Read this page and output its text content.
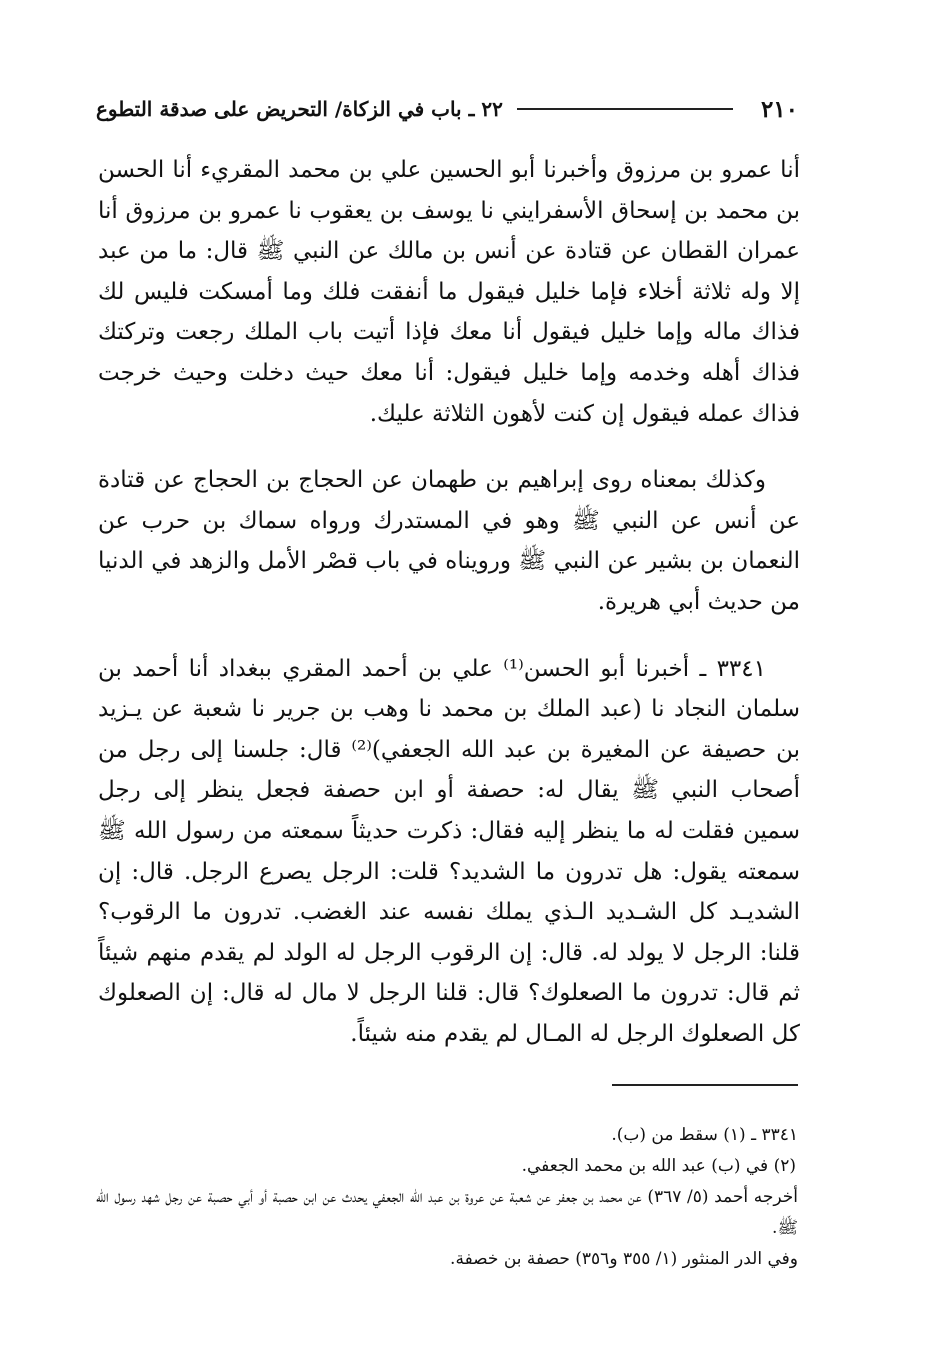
٢١٠
٢٢ ـ باب في الزكاة/ التحريض على صدقة التطوع

أنا عمرو بن مرزوق وأخبرنا أبو الحسين علي بن محمد المقريء أنا الحسن بن محمد بن إسحاق الأسفرايني نا يوسف بن يعقوب نا عمرو بن مرزوق أنا عمران القطان عن قتادة عن أنس بن مالك عن النبي ﷺ قال: ما من عبد إلا وله ثلاثة أخلاء فإما خليل فيقول ما أنفقت فلك وما أمسكت فليس لك فذاك ماله وإما خليل فيقول أنا معك فإذا أتيت باب الملك رجعت وتركتك فذاك أهله وخدمه وإما خليل فيقول: أنا معك حيث دخلت وحيث خرجت فذاك عمله فيقول إن كنت لأهون الثلاثة عليك.

وكذلك بمعناه روى إبراهيم بن طهمان عن الحجاج بن الحجاج عن قتادة عن أنس عن النبي ﷺ وهو في المستدرك ورواه سماك بن حرب عن النعمان بن بشير عن النبي ﷺ ورويناه في باب قصْر الأمل والزهد في الدنيا من حديث أبي هريرة.

٣٣٤١ ـ أخبرنا أبو الحسن⁽¹⁾ علي بن أحمد المقري ببغداد أنا أحمد بن سلمان النجاد نا (عبد الملك بن محمد نا وهب بن جرير نا شعبة عن يـزيد بن حصيفة عن المغيرة بن عبد الله الجعفي)⁽²⁾ قال: جلسنا إلى رجل من أصحاب النبي ﷺ يقال له: حصفة أو ابن حصفة فجعل ينظر إلى رجل سمين فقلت له ما ينظر إليه فقال: ذكرت حديثاً سمعته من رسول الله ﷺ سمعته يقول: هل تدرون ما الشديد؟ قلت: الرجل يصرع الرجل. قال: إن الشديـد كل الشـديد الـذي يملك نفسه عند الغضب. تدرون ما الرقوب؟ قلنا: الرجل لا يولد له. قال: إن الرقوب الرجل له الولد لم يقدم منهم شيئاً ثم قال: تدرون ما الصعلوك؟ قال: قلنا الرجل لا مال له قال: إن الصعلوك كل الصعلوك الرجل له المـال لم يقدم منه شيئاً.

٣٣٤١ ـ (١) سقط من (ب).

(٢) في (ب) عبد الله بن محمد الجعفي.

أخرجه أحمد (٥/ ٣٦٧) عن محمد بن جعفر عن شعبة عن عروة بن عبد الله الجعفي يحدث عن ابن حصبة أو أبي حصبة عن رجل شهد رسول الله ﷺ.

وفي الدر المنثور (١/ ٣٥٥ و٣٥٦) حصفة بن خصفة.
